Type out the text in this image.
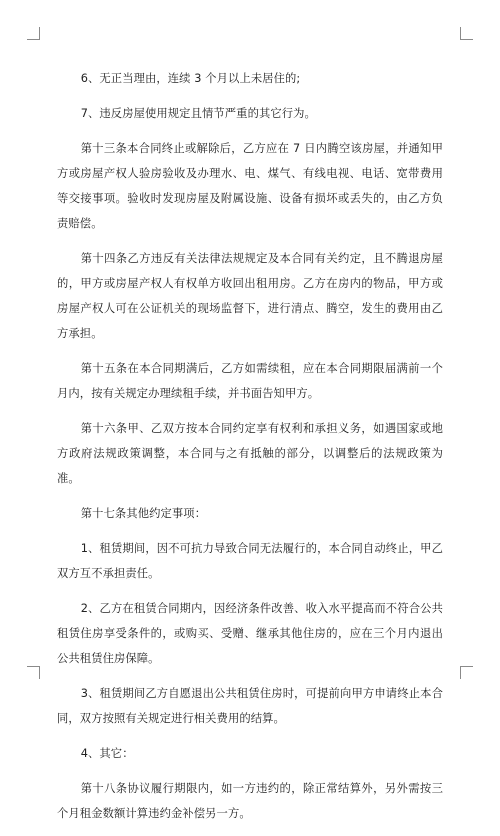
6、无正当理由，连续 3 个月以上未居住的;

7、违反房屋使用规定且情节严重的其它行为。

第十三条本合同终止或解除后，乙方应在 7 日内腾空该房屋，并通知甲方或房屋产权人验房验收及办理水、电、煤气、有线电视、电话、宽带费用等交接事项。验收时发现房屋及附属设施、设备有损坏或丢失的，由乙方负责赔偿。

第十四条乙方违反有关法律法规规定及本合同有关约定，且不腾退房屋的，甲方或房屋产权人有权单方收回出租用房。乙方在房内的物品，甲方或房屋产权人可在公证机关的现场监督下，进行清点、腾空，发生的费用由乙方承担。

第十五条在本合同期满后，乙方如需续租，应在本合同期限届满前一个月内，按有关规定办理续租手续，并书面告知甲方。

第十六条甲、乙双方按本合同约定享有权利和承担义务，如遇国家或地方政府法规政策调整，本合同与之有抵触的部分，以调整后的法规政策为准。

第十七条其他约定事项：

1、租赁期间，因不可抗力导致合同无法履行的，本合同自动终止，甲乙双方互不承担责任。

2、乙方在租赁合同期内，因经济条件改善、收入水平提高而不符合公共租赁住房享受条件的，或购买、受赠、继承其他住房的，应在三个月内退出公共租赁住房保障。

3、租赁期间乙方自愿退出公共租赁住房时，可提前向甲方申请终止本合同，双方按照有关规定进行相关费用的结算。

4、其它：

第十八条协议履行期限内，如一方违约的，除正常结算外，另外需按三个月租金数额计算违约金补偿另一方。
